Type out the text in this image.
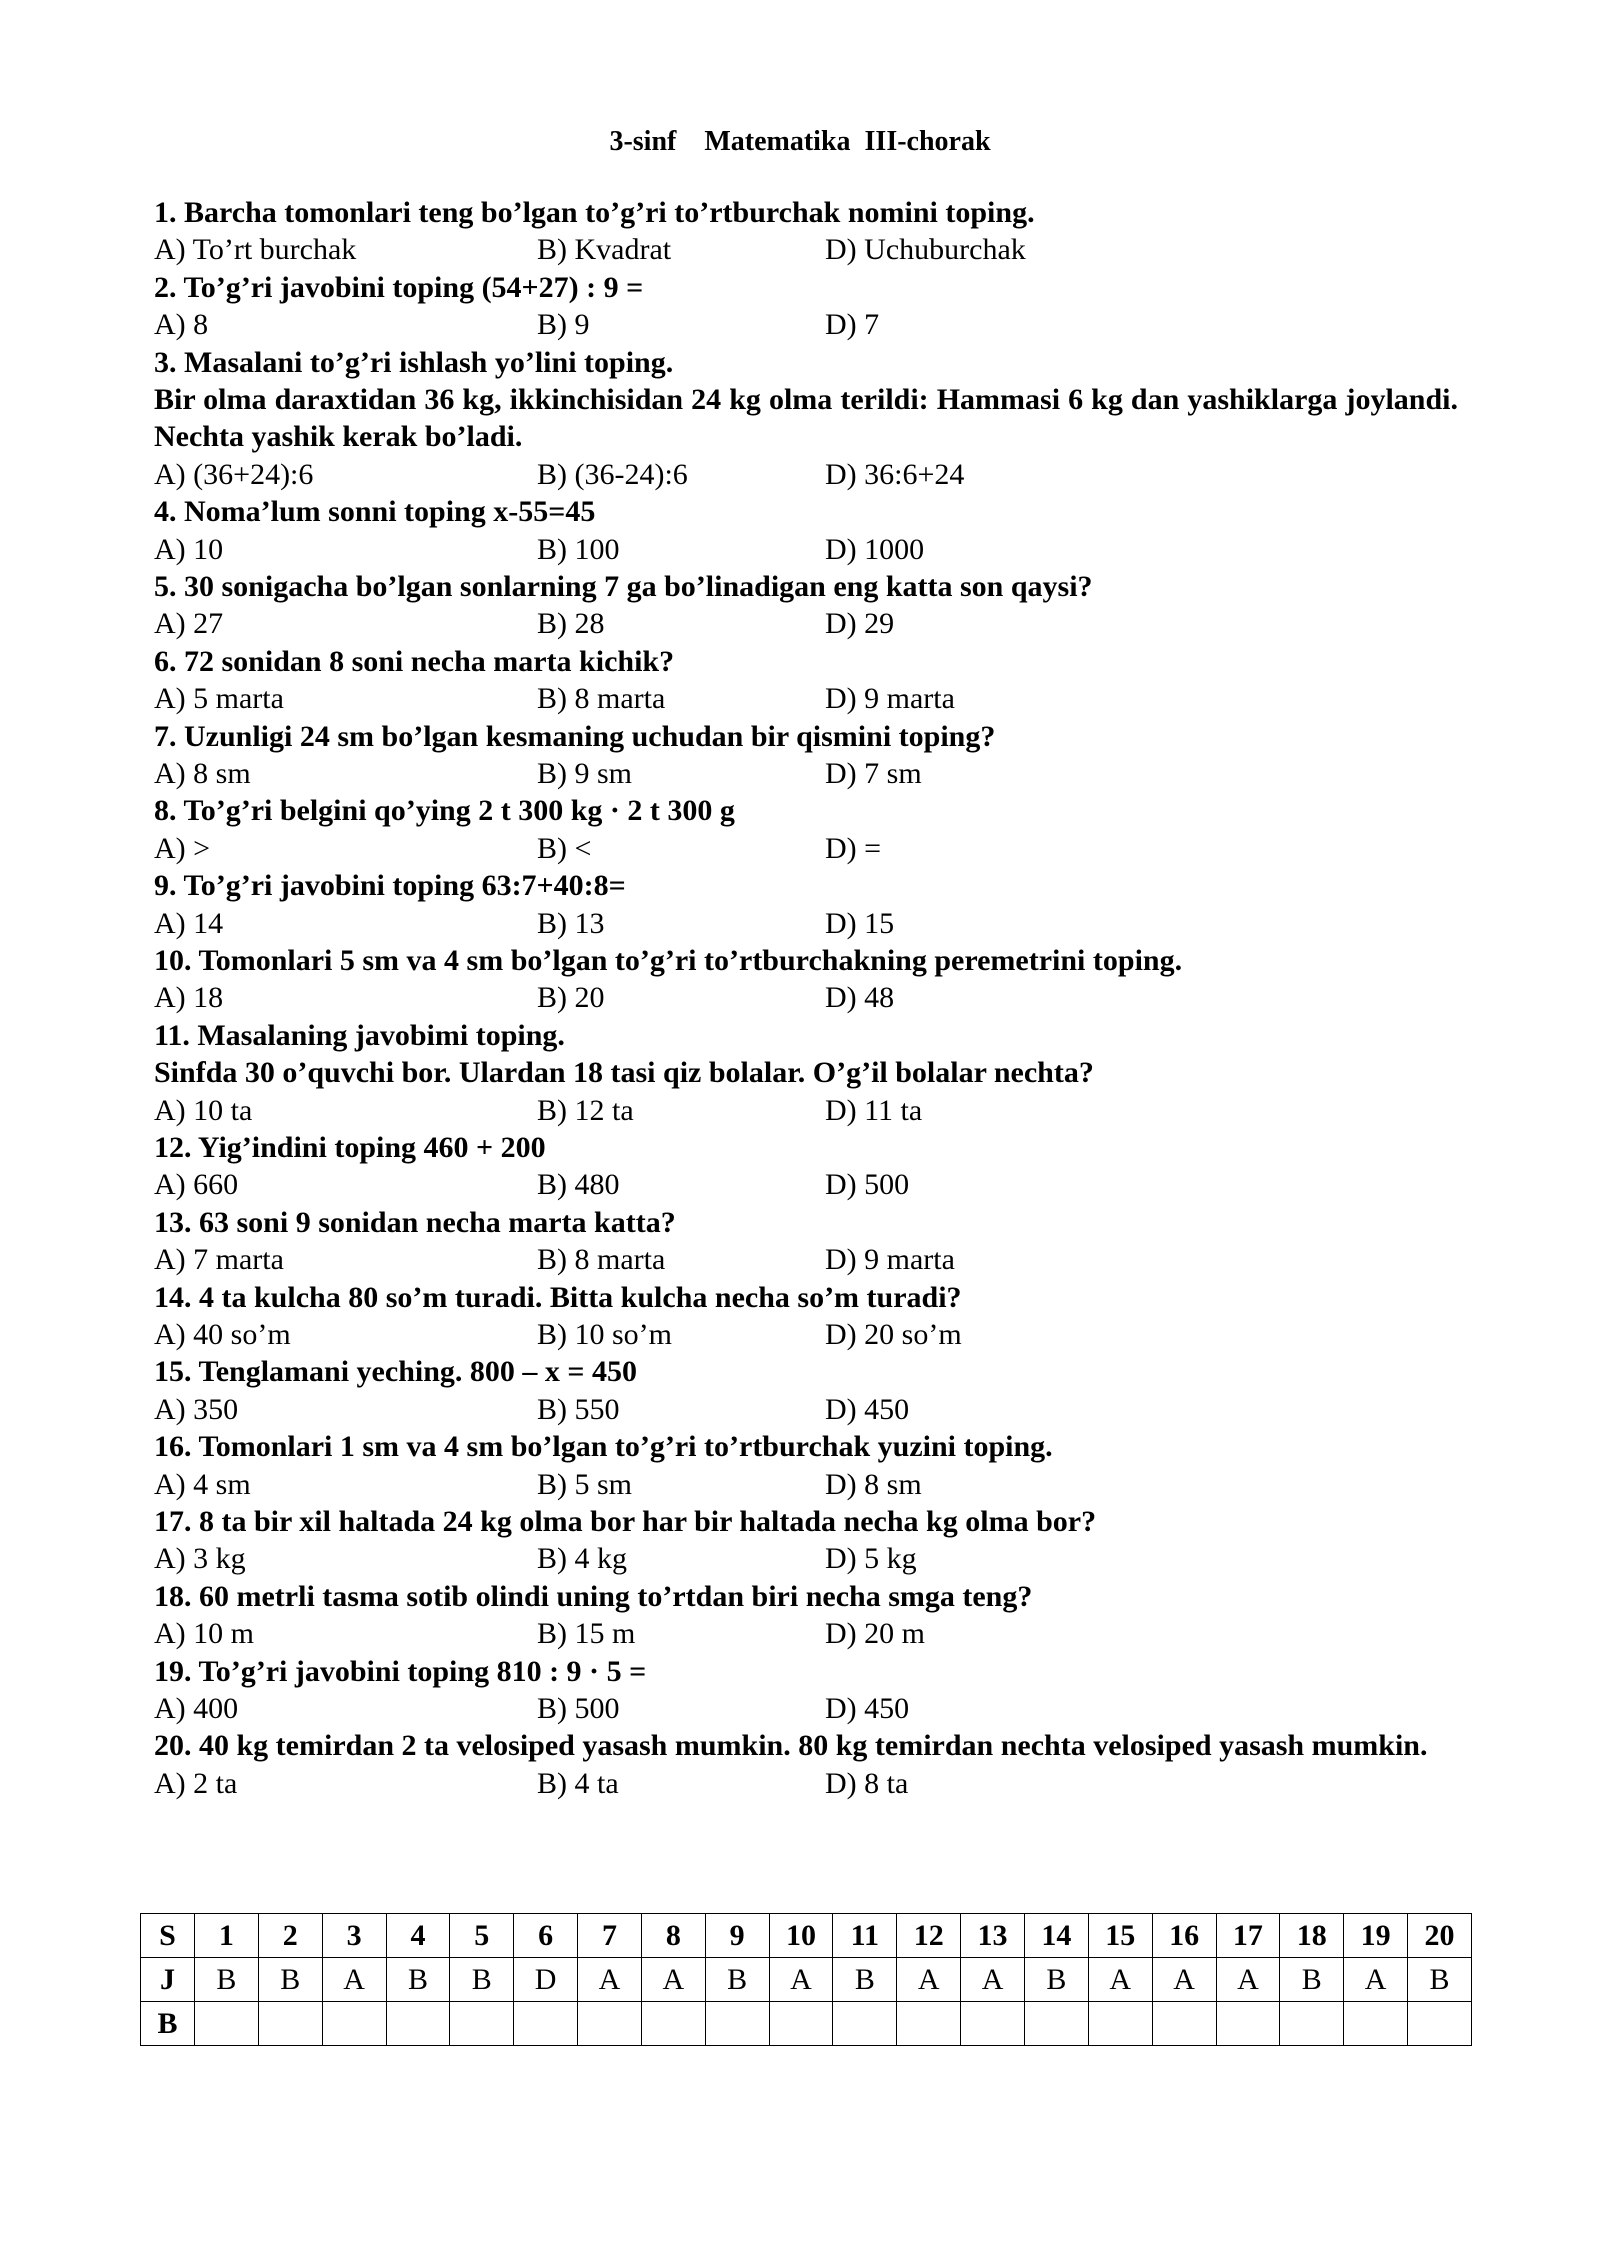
3-sinf    Matematika  III-chorak
1. Barcha tomonlari teng bo’lgan to’g’ri to’rtburchak nomini toping.
A) To’rt burchak	B) Kvadrat	D) Uchuburchak
2. To’g’ri javobini toping (54+27) : 9 =
A) 8	B) 9	D) 7
3. Masalani to’g’ri ishlash yo’lini toping.
Bir olma daraxtidan 36 kg, ikkinchisidan 24 kg olma terildi: Hammasi 6 kg dan yashiklarga joylandi. Nechta yashik kerak bo’ladi.
A) (36+24):6	B) (36-24):6	D) 36:6+24
4. Noma’lum sonni toping x-55=45
A) 10	B) 100	D) 1000
5. 30 sonigacha bo’lgan sonlarning 7 ga bo’linadigan eng katta son qaysi?
A) 27	B) 28	D) 29
6. 72 sonidan 8 soni necha marta kichik?
A) 5 marta	B) 8 marta	D) 9 marta
7. Uzunligi 24 sm bo’lgan kesmaning uchudan bir qismini toping?
A) 8 sm	B) 9 sm	D) 7 sm
8. To’g’ri belgini qo’ying 2 t 300 kg · 2 t 300 g
A) >	B) <	D) =
9. To’g’ri javobini toping 63:7+40:8=
A) 14	B) 13	D) 15
10. Tomonlari 5 sm va 4 sm bo’lgan to’g’ri to’rtburchakning peremetrini toping.
A) 18	B) 20	D) 48
11. Masalaning javobimi toping.
Sinfda 30 o’quvchi bor. Ulardan 18 tasi qiz bolalar. O’g’il bolalar nechta?
A) 10 ta	B) 12 ta	D) 11 ta
12. Yig’indini toping 460 + 200
A) 660	B) 480	D) 500
13. 63 soni 9 sonidan necha marta katta?
A) 7 marta	B) 8 marta	D) 9 marta
14. 4 ta kulcha 80 so’m turadi. Bitta kulcha necha so’m turadi?
A) 40 so’m	B) 10 so’m	D) 20 so’m
15. Tenglamani yeching. 800 – x = 450
A) 350	B) 550	D) 450
16. Tomonlari 1 sm va 4 sm bo’lgan to’g’ri to’rtburchak yuzini toping.
A) 4 sm	B) 5 sm	D) 8 sm
17. 8 ta bir xil haltada 24 kg olma bor har bir haltada necha kg olma bor?
A) 3 kg	B) 4 kg	D) 5 kg
18. 60 metrli tasma sotib olindi uning to’rtdan biri necha smga teng?
A) 10 m	B) 15 m	D) 20 m
19. To’g’ri javobini toping 810 : 9 · 5 =
A) 400	B) 500	D) 450
20. 40 kg temirdan 2 ta velosiped yasash mumkin. 80 kg temirdan nechta velosiped yasash mumkin.
A) 2 ta	B) 4 ta	D) 8 ta
S	1	2	3	4	5	6	7	8	9	10	11	12	13	14	15	16	17	18	19	20
J	B	B	A	B	B	D	A	A	B	A	B	A	A	B	A	A	A	B	A	B
B																				
